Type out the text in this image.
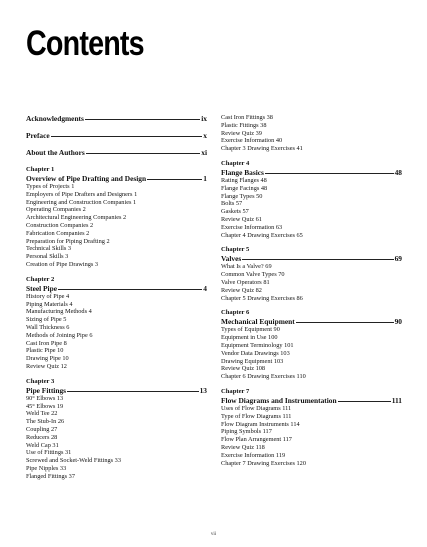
Contents
Acknowledgments	ix
Preface	x
About the Authors	xi
Chapter 1
Overview of Pipe Drafting and Design	1
Types of Projects 1
Employers of Pipe Drafters and Designers 1
Engineering and Construction Companies 1
Operating Companies 2
Architectural Engineering Companies 2
Construction Companies 2
Fabrication Companies 2
Preparation for Piping Drafting 2
Technical Skills 3
Personal Skills 3
Creation of Pipe Drawings 3
Chapter 2
Steel Pipe	4
History of Pipe 4
Piping Materials 4
Manufacturing Methods 4
Sizing of Pipe 5
Wall Thickness 6
Methods of Joining Pipe 6
Cast Iron Pipe 8
Plastic Pipe 10
Drawing Pipe 10
Review Quiz 12
Chapter 3
Pipe Fittings	13
90° Elbows 13
45° Elbows 19
Weld Tee 22
The Stub-In 26
Coupling 27
Reducers 28
Weld Cap 31
Use of Fittings 31
Screwed and Socket-Weld Fittings 33
Pipe Nipples 33
Flanged Fittings 37
Cast Iron Fittings 38
Plastic Fittings 38
Review Quiz 39
Exercise Information 40
Chapter 3 Drawing Exercises 41
Chapter 4
Flange Basics	48
Rating Flanges 48
Flange Facings 48
Flange Types 50
Bolts 57
Gaskets 57
Review Quiz 61
Exercise Information 63
Chapter 4 Drawing Exercises 65
Chapter 5
Valves	69
What Is a Valve? 69
Common Valve Types 70
Valve Operators 81
Review Quiz 82
Chapter 5 Drawing Exercises 86
Chapter 6
Mechanical Equipment	90
Types of Equipment 90
Equipment in Use 100
Equipment Terminology 101
Vendor Data Drawings 103
Drawing Equipment 103
Review Quiz 108
Chapter 6 Drawing Exercises 110
Chapter 7
Flow Diagrams and Instrumentation	111
Uses of Flow Diagrams 111
Type of Flow Diagrams 111
Flow Diagram Instruments 114
Piping Symbols 117
Flow Plan Arrangement 117
Review Quiz 118
Exercise Information 119
Chapter 7 Drawing Exercises 120
vii
